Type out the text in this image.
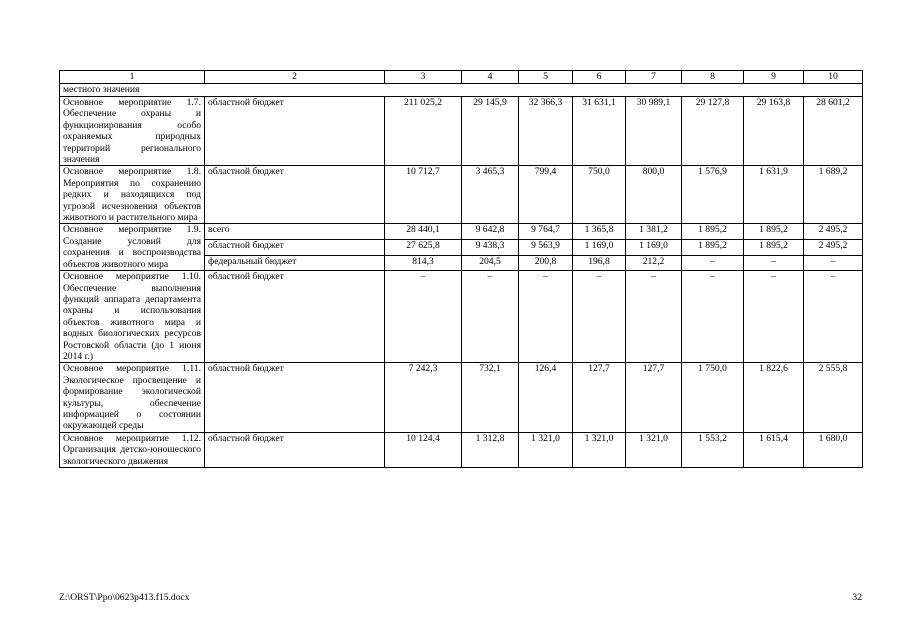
1	2	3	4	5	6	7	8	9	10
местного значения									
Основное мероприятие 1.7. Обеспечение охраны и функционирования особо охраняемых природных территорий регионального значения	областной бюджет	211 025,2	29 145,9	32 366,3	31 631,1	30 989,1	29 127,8	29 163,8	28 601,2
Основное мероприятие 1.8. Мероприятия по сохранению редких и находящихся под угрозой исчезновения объектов животного и растительного мира	областной бюджет	10 712,7	3 465,3	799,4	750,0	800,0	1 576,9	1 631,9	1 689,2
Основное мероприятие 1.9. Создание условий для сохранения и воспроизводства объектов животного мира	всего	28 440,1	9 642,8	9 764,7	1 365,8	1 381,2	1 895,2	1 895,2	2 495,2
	областной бюджет	27 625,8	9 438,3	9 563,9	1 169,0	1 169,0	1 895,2	1 895,2	2 495,2
	федеральный бюджет	814,3	204,5	200,8	196,8	212,2	–	–	–
Основное мероприятие 1.10. Обеспечение выполнения функций аппарата департамента охраны и использования объектов животного мира и водных биологических ресурсов Ростовской области (до 1 июня 2014 г.)	областной бюджет	–	–	–	–	–	–	–	–
Основное мероприятие 1.11. Экологическое просвещение и формирование экологической культуры, обеспечение информацией о состоянии окружающей среды	областной бюджет	7 242,3	732,1	126,4	127,7	127,7	1 750,0	1 822,6	2 555,8
Основное мероприятие 1.12. Организация детско-юношеского экологического движения	областной бюджет	10 124,4	1 312,8	1 321,0	1 321,0	1 321,0	1 553,2	1 615,4	1 680,0
Z:\ORST\Ppo\0623p413.f15.docx	32
